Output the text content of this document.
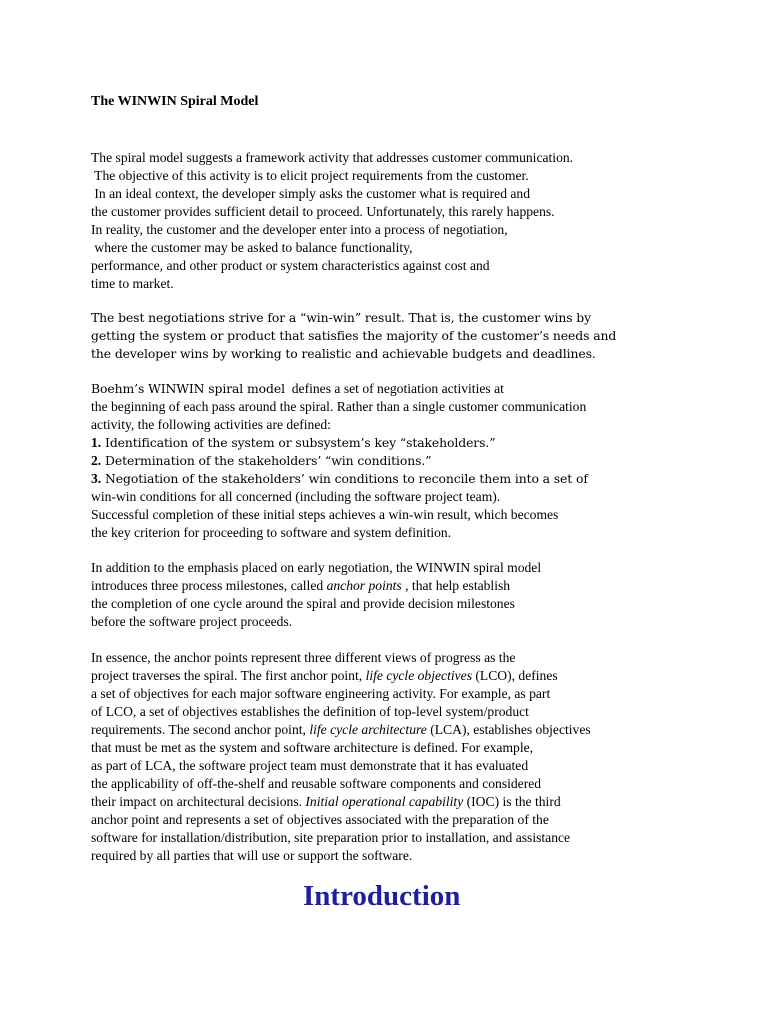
The WINWIN Spiral Model

The spiral model suggests a framework activity that addresses customer communication.
The objective of this activity is to elicit project requirements from the customer.
In an ideal context, the developer simply asks the customer what is required and
the customer provides sufficient detail to proceed. Unfortunately, this rarely happens.
In reality, the customer and the developer enter into a process of negotiation,
where the customer may be asked to balance functionality,
performance, and other product or system characteristics against cost and
time to market.

The best negotiations strive for a “win-win” result. That is, the customer wins by
getting the system or product that satisfies the majority of the customer’s needs and
the developer wins by working to realistic and achievable budgets and deadlines.

Boehm’s WINWIN spiral model  defines a set of negotiation activities at
the beginning of each pass around the spiral. Rather than a single customer communication
activity, the following activities are defined:
1. Identification of the system or subsystem’s key “stakeholders.”
2. Determination of the stakeholders’ “win conditions.”
3. Negotiation of the stakeholders’ win conditions to reconcile them into a set of
win-win conditions for all concerned (including the software project team).
Successful completion of these initial steps achieves a win-win result, which becomes
the key criterion for proceeding to software and system definition.

In addition to the emphasis placed on early negotiation, the WINWIN spiral model
introduces three process milestones, called anchor points , that help establish
the completion of one cycle around the spiral and provide decision milestones
before the software project proceeds.

In essence, the anchor points represent three different views of progress as the
project traverses the spiral. The first anchor point, life cycle objectives (LCO), defines
a set of objectives for each major software engineering activity. For example, as part
of LCO, a set of objectives establishes the definition of top-level system/product
requirements. The second anchor point, life cycle architecture (LCA), establishes objectives
that must be met as the system and software architecture is defined. For example,
as part of LCA, the software project team must demonstrate that it has evaluated
the applicability of off-the-shelf and reusable software components and considered
their impact on architectural decisions. Initial operational capability (IOC) is the third
anchor point and represents a set of objectives associated with the preparation of the
software for installation/distribution, site preparation prior to installation, and assistance
required by all parties that will use or support the software.

Introduction
